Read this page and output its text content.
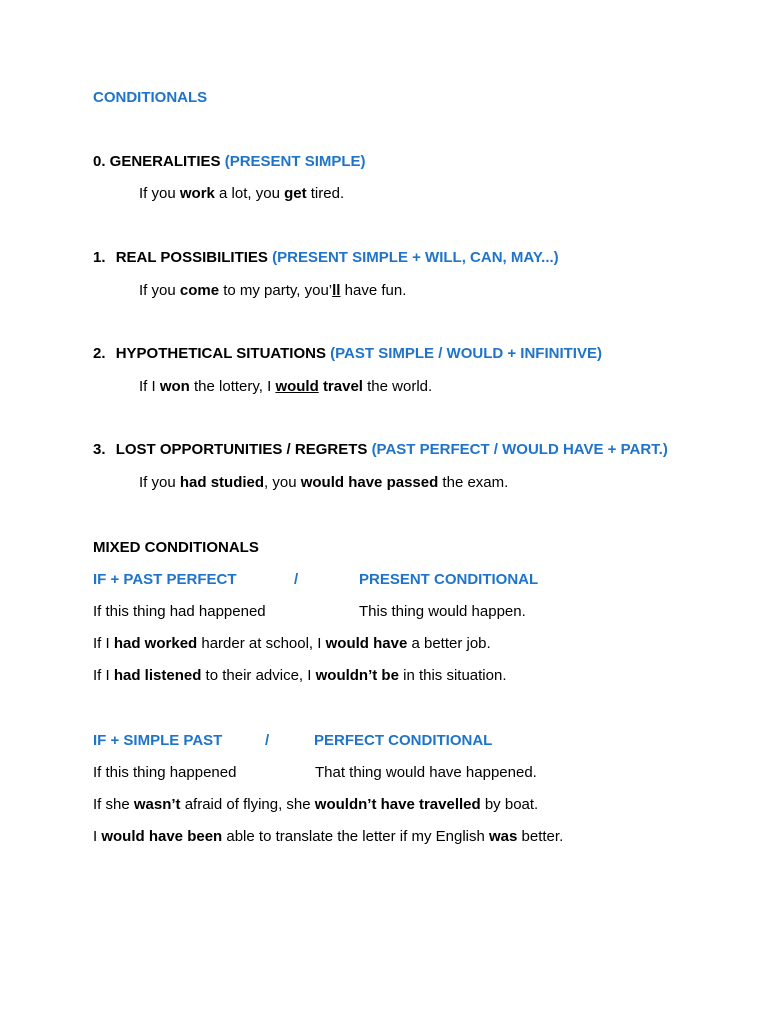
CONDITIONALS
0. GENERALITIES (PRESENT SIMPLE)
If you work a lot, you get tired.
1. REAL POSSIBILITIES (PRESENT SIMPLE + WILL, CAN, MAY...)
If you come to my party, you’ll have fun.
2. HYPOTHETICAL SITUATIONS (PAST SIMPLE / WOULD + INFINITIVE)
If I won the lottery, I would travel the world.
3. LOST OPPORTUNITIES / REGRETS (PAST PERFECT / WOULD HAVE + PART.)
If you had studied, you would have passed the exam.
MIXED CONDITIONALS
IF + PAST PERFECT	/	PRESENT CONDITIONAL
If this thing had happened	This thing would happen.
If I had worked harder at school, I would have a better job.
If I had listened to their advice, I wouldn’t be in this situation.
IF + SIMPLE PAST	/	PERFECT CONDITIONAL
If this thing happened	That thing would have happened.
If she wasn’t afraid of flying, she wouldn’t have travelled by boat.
I would have been able to translate the letter if my English was better.
